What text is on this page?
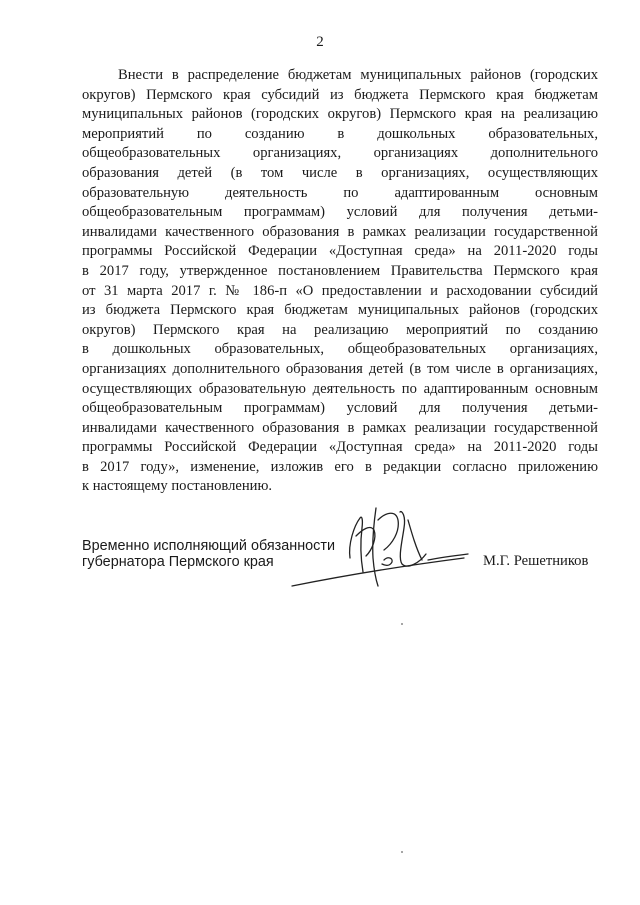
2
Внести в распределение бюджетам муниципальных районов (городских
округов) Пермского края субсидий из бюджета Пермского края бюджетам
муниципальных районов (городских округов) Пермского края на реализацию
мероприятий по созданию в дошкольных образовательных,
общеобразовательных организациях, организациях дополнительного
образования детей (в том числе в организациях, осуществляющих
образовательную деятельность по адаптированным основным
общеобразовательным программам) условий для получения детьми-
инвалидами качественного образования в рамках реализации государственной
программы Российской Федерации «Доступная среда» на 2011-2020 годы
в 2017 году, утвержденное постановлением Правительства Пермского края
от 31 марта 2017 г. № 186-п «О предоставлении и расходовании субсидий
из бюджета Пермского края бюджетам муниципальных районов (городских
округов) Пермского края на реализацию мероприятий по созданию
в дошкольных образовательных, общеобразовательных организациях,
организациях дополнительного образования детей (в том числе в организациях,
осуществляющих образовательную деятельность по адаптированным основным
общеобразовательным программам) условий для получения детьми-
инвалидами качественного образования в рамках реализации государственной
программы Российской Федерации «Доступная среда» на 2011-2020 годы
в 2017 году», изменение, изложив его в редакции согласно приложению
к настоящему постановлению.
Временно исполняющий обязанности
губернатора Пермского края	М.Г. Решетников
